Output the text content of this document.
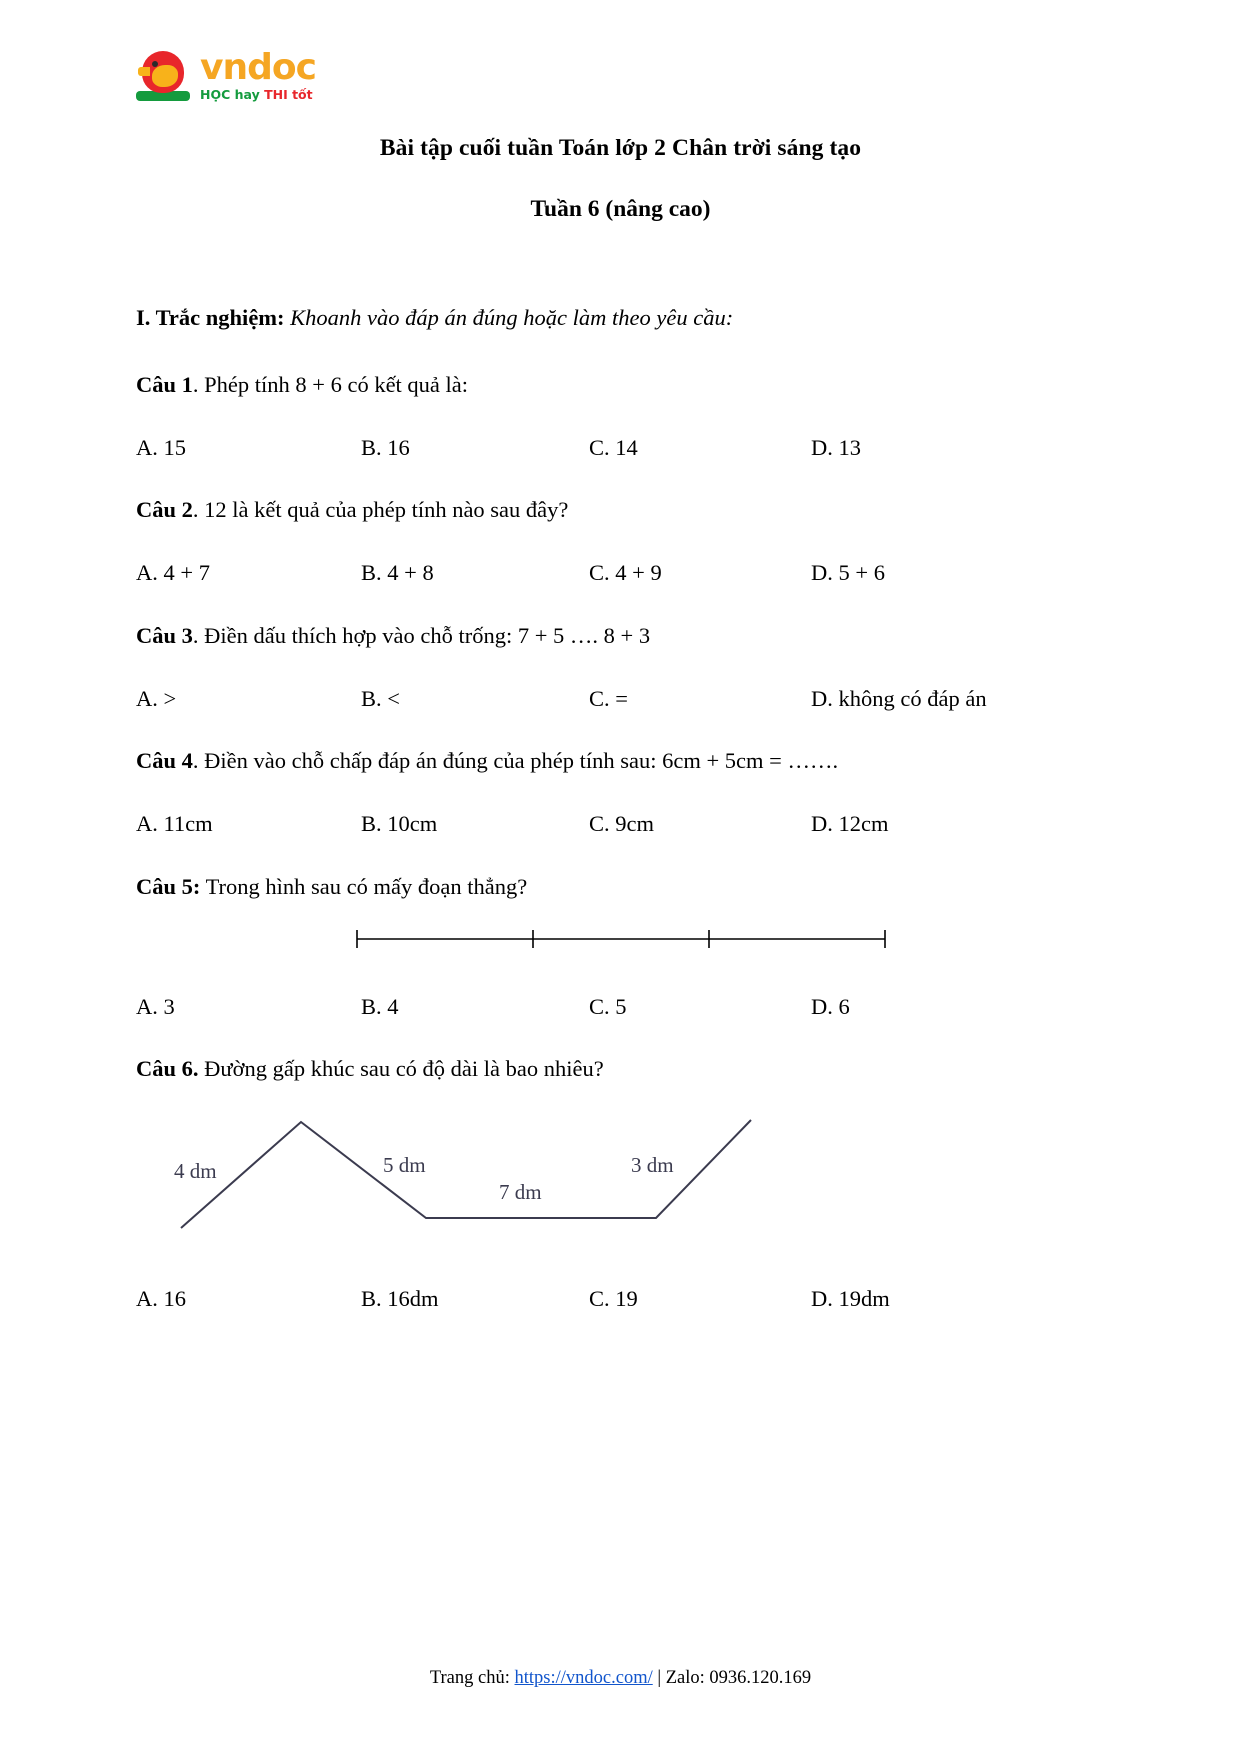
vndoc
HỌC hay THI tốt
Bài tập cuối tuần Toán lớp 2 Chân trời sáng tạo
Tuần 6 (nâng cao)

I. Trắc nghiệm: Khoanh vào đáp án đúng hoặc làm theo yêu cầu:

Câu 1. Phép tính 8 + 6 có kết quả là:

A. 15	B. 16	C. 14	D. 13

Câu 2. 12 là kết quả của phép tính nào sau đây?

A. 4 + 7	B. 4 + 8	C. 4 + 9	D. 5 + 6

Câu 3. Điền dấu thích hợp vào chỗ trống: 7 + 5 …. 8 + 3

A. >	B. <	C. =	D. không có đáp án

Câu 4. Điền vào chỗ chấp đáp án đúng của phép tính sau: 6cm + 5cm = …….

A. 11cm	B. 10cm	C. 9cm	D. 12cm

Câu 5: Trong hình sau có mấy đoạn thẳng?

A. 3	B. 4	C. 5	D. 6

Câu 6. Đường gấp khúc sau có độ dài là bao nhiêu?

4 dm	5 dm
7 dm
3 dm
A. 16	B. 16dm	C. 19	D. 19dm
Trang chủ: https://vndoc.com/ | Zalo: 0936.120.169
